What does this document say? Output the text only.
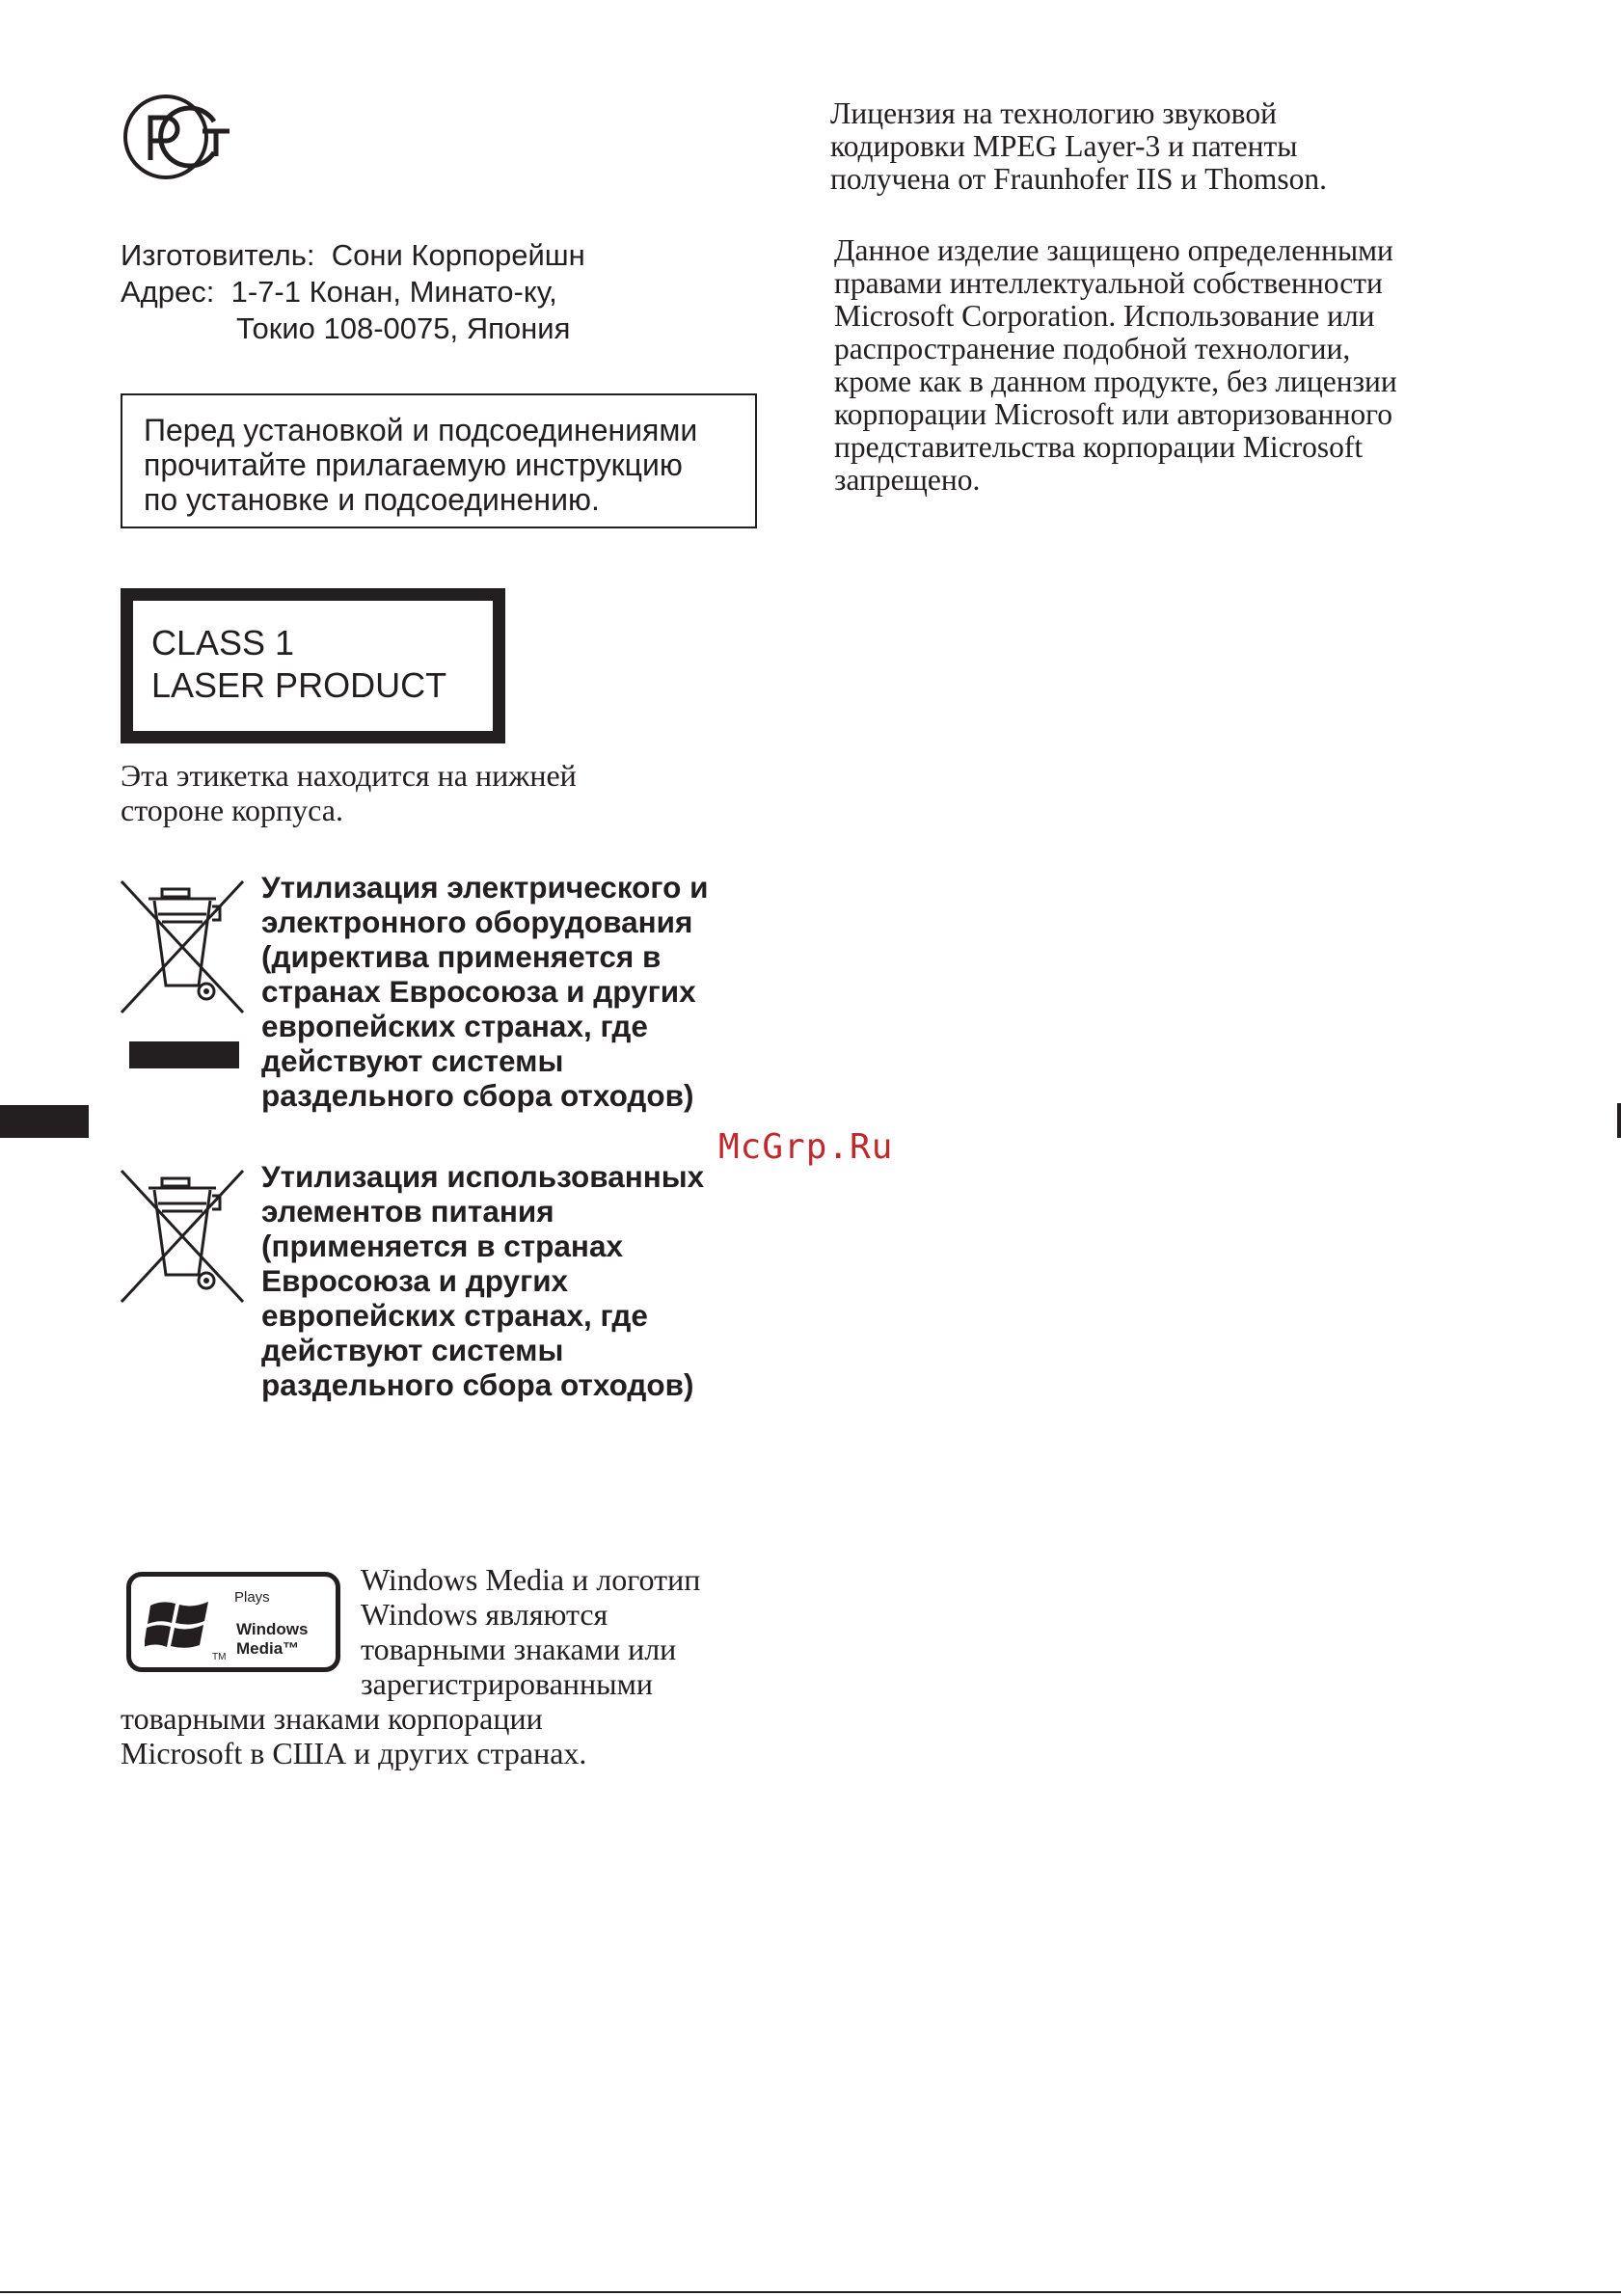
Изготовитель:
Сони Корпорейшн
Адрес:
1-7-1 Конан, Минато-ку,
Токио 108-0075, Япония
Перед установкой и подсоединениями
прочитайте прилагаемую инструкцию
по установке и подсоединению.
CLASS 1
LASER PRODUCT
Эта этикетка находится на нижней
стороне корпуса.
Утилизация электрического и
электронного оборудования
(директива применяется в
странах Евросоюза и других
европейских странах, где
действуют системы
раздельного сбора отходов)
McGrp.Ru
Утилизация использованных
элементов питания
(применяется в странах
Евросоюза и других
европейских странах, где
действуют системы
раздельного сбора отходов)
Plays
Windows
Media™
TM
Windows Media и логотип
Windows являются
товарными знаками или
зарегистрированными
товарными знаками корпорации
Microsoft в США и других странах.
Лицензия на технологию звуковой
кодировки MPEG Layer-3 и патенты
получена от Fraunhofer IIS и Thomson.
Данное изделие защищено определенными
правами интеллектуальной собственности
Microsoft Corporation. Использование или
распространение подобной технологии,
кроме как в данном продукте, без лицензии
корпорации Microsoft или авторизованного
представительства корпорации Microsoft
запрещено.
